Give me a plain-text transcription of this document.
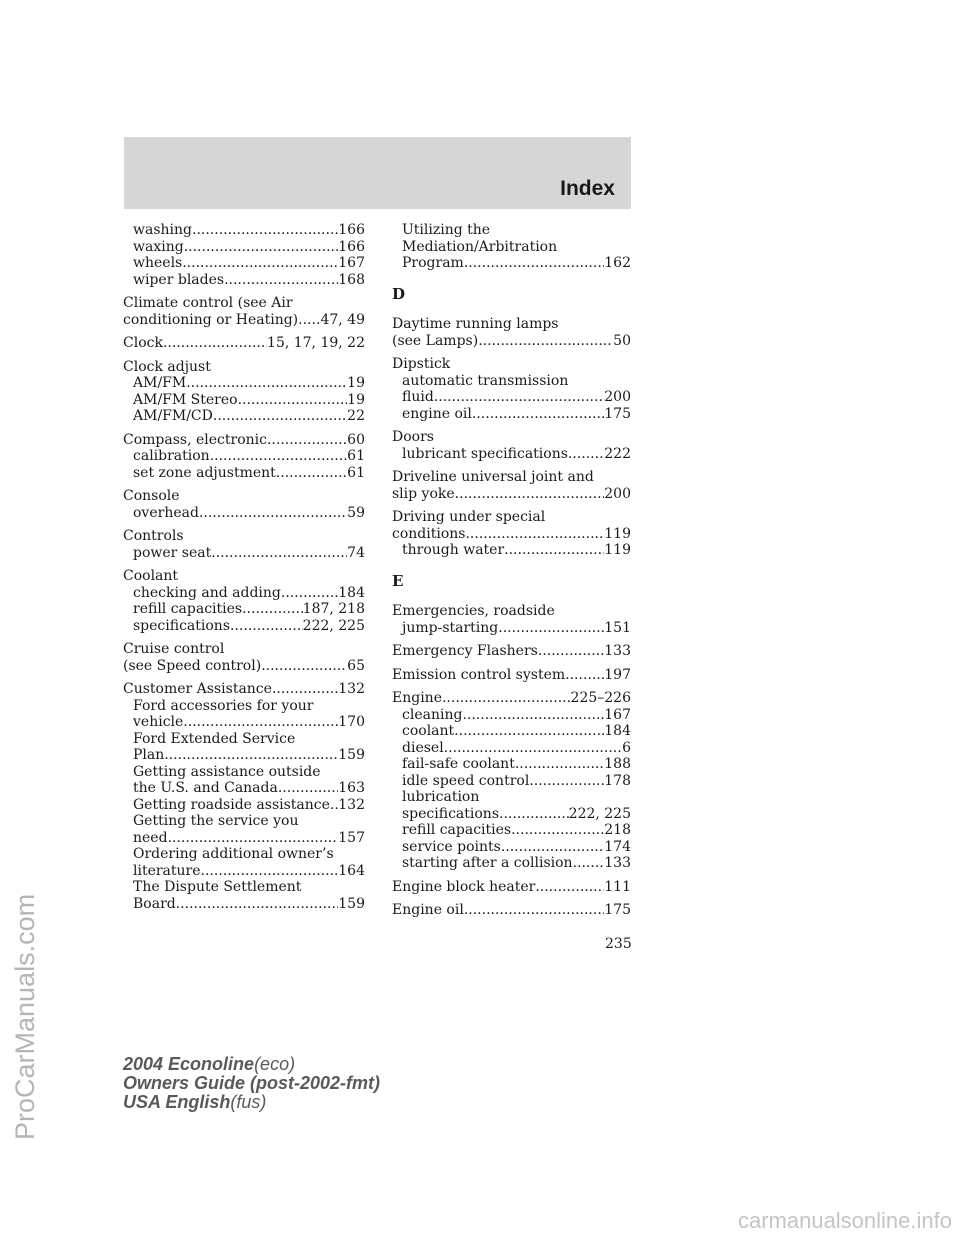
Index
washing .....	166
waxing .....	166
wheels .....	167
wiper blades .....	168
Climate control (see Air
conditioning or Heating) ..... 47, 49
Clock .....	15, 17, 19, 22
Clock adjust
AM/FM .....	19
AM/FM Stereo .....	19
AM/FM/CD .....	22
Compass, electronic .....	60
calibration .....	61
set zone adjustment .....	61
Console
overhead .....	59
Controls
power seat .....	74
Coolant
checking and adding .....	184
refill capacities .....	187, 218
specifications .....	222, 225
Cruise control
(see Speed control) .....	65
Customer Assistance .....	132
Ford accessories for your
vehicle .....	170
Ford Extended Service
Plan .....	159
Getting assistance outside
the U.S. and Canada .....	163
Getting roadside assistance ..... 132
Getting the service you
need .....	157
Ordering additional owner’s
literature .....	164
The Dispute Settlement
Board .....	159
Utilizing the
Mediation/Arbitration
Program .....	162
D
Daytime running lamps
(see Lamps) .....	50
Dipstick
automatic transmission
fluid .....	200
engine oil .....	175
Doors
lubricant specifications .....	222
Driveline universal joint and
slip yoke .....	200
Driving under special
conditions .....	119
through water .....	119
E
Emergencies, roadside
jump-starting .....	151
Emergency Flashers .....	133
Emission control system .....	197
Engine .....	225–226
cleaning .....	167
coolant .....	184
diesel .....	6
fail-safe coolant .....	188
idle speed control .....	178
lubrication
specifications .....	222, 225
refill capacities .....	218
service points .....	174
starting after a collision ..... 133
Engine block heater .....	111
Engine oil .....	175
235
2004 Econoline(eco)
Owners Guide (post-2002-fmt)
USA English(fus)
ProCarManuals.com
carmanualsonline.info
